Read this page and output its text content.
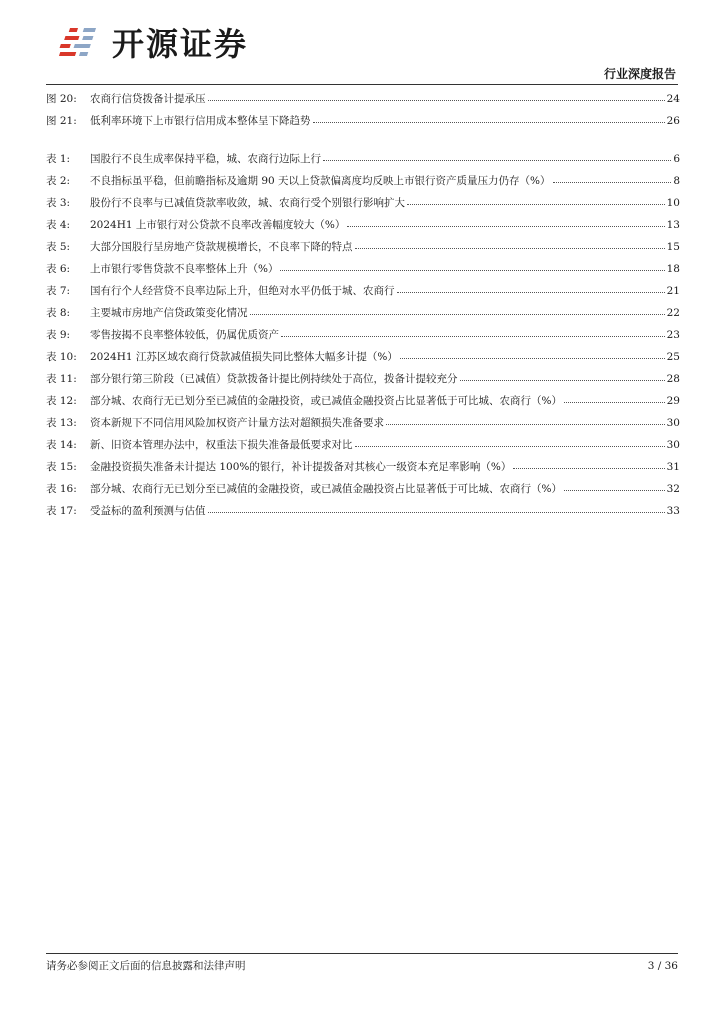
开源证券
行业深度报告
图 20:	农商行信贷拨备计提承压	24
图 21:	低利率环境下上市银行信用成本整体呈下降趋势	26
表 1:	国股行不良生成率保持平稳，城、农商行边际上行	6
表 2:	不良指标虽平稳，但前瞻指标及逾期 90 天以上贷款偏离度均反映上市银行资产质量压力仍存（%）	8
表 3:	股份行不良率与已减值贷款率收敛，城、农商行受个别银行影响扩大	10
表 4:	2024H1 上市银行对公贷款不良率改善幅度较大（%）	13
表 5:	大部分国股行呈房地产贷款规模增长，不良率下降的特点	15
表 6:	上市银行零售贷款不良率整体上升（%）	18
表 7:	国有行个人经营贷不良率边际上升，但绝对水平仍低于城、农商行	21
表 8:	主要城市房地产信贷政策变化情况	22
表 9:	零售按揭不良率整体较低，仍属优质资产	23
表 10:	2024H1 江苏区域农商行贷款减值损失同比整体大幅多计提（%）	25
表 11:	部分银行第三阶段（已减值）贷款拨备计提比例持续处于高位，拨备计提较充分	28
表 12:	部分城、农商行无已划分至已减值的金融投资，或已减值金融投资占比显著低于可比城、农商行（%）	29
表 13:	资本新规下不同信用风险加权资产计量方法对超额损失准备要求	30
表 14:	新、旧资本管理办法中，权重法下损失准备最低要求对比	30
表 15:	金融投资损失准备未计提达 100%的银行，补计提拨备对其核心一级资本充足率影响（%）	31
表 16:	部分城、农商行无已划分至已减值的金融投资，或已减值金融投资占比显著低于可比城、农商行（%）	32
表 17:	受益标的盈利预测与估值	33
请务必参阅正文后面的信息披露和法律声明	3 / 36
